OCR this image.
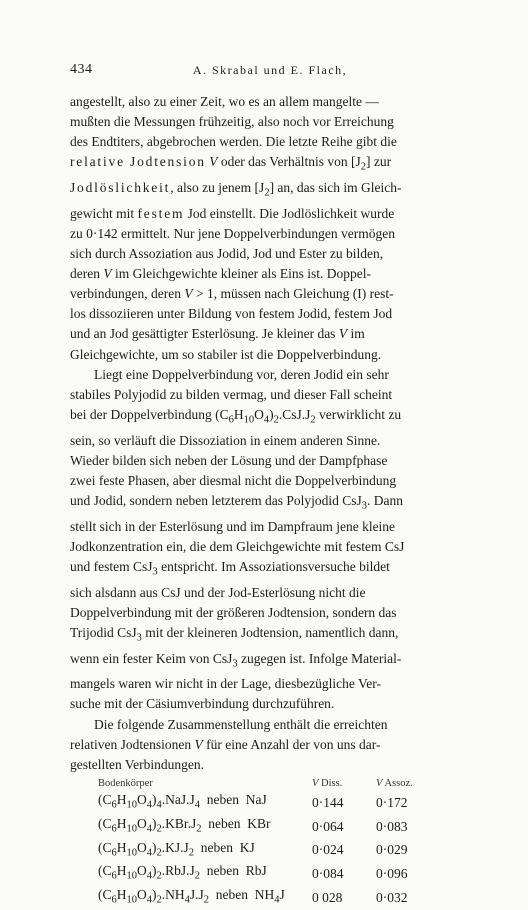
434	A. Skrabal und E. Flach,

angestellt, also zu einer Zeit, wo es an allem mangelte —
mußten die Messungen frühzeitig, also noch vor Erreichung
des Endtiters, abgebrochen werden. Die letzte Reihe gibt die
relative Jodtension V oder das Verhältnis von $[J_2]$ zur
Jodlöslichkeit, also zu jenem $[J_2]$ an, das sich im Gleich-
gewicht mit festem Jod einstellt. Die Jodlöslichkeit wurde
zu 0·142 ermittelt. Nur jene Doppelverbindungen vermögen
sich durch Assoziation aus Jodid, Jod und Ester zu bilden,
deren V im Gleichgewichte kleiner als Eins ist. Doppel-
verbindungen, deren V > 1, müssen nach Gleichung (I) rest-
los dissoziieren unter Bildung von festem Jodid, festem Jod
und an Jod gesättigter Esterlösung. Je kleiner das V im
Gleichgewichte, um so stabiler ist die Doppelverbindung.

Liegt eine Doppelverbindung vor, deren Jodid ein sehr
stabiles Polyjodid zu bilden vermag, und dieser Fall scheint
bei der Doppelverbindung $(C_6H_{10}O_4)_2.CsJ.J_2$ verwirklicht zu
sein, so verläuft die Dissoziation in einem anderen Sinne.
Wieder bilden sich neben der Lösung und der Dampfphase
zwei feste Phasen, aber diesmal nicht die Doppelverbindung
und Jodid, sondern neben letzterem das Polyjodid CsJ$_3$. Dann
stellt sich in der Esterlösung und im Dampfraum jene kleine
Jodkonzentration ein, die dem Gleichgewichte mit festem CsJ
und festem CsJ$_3$ entspricht. Im Assoziationsversuche bildet
sich alsdann aus CsJ und der Jod-Esterlösung nicht die
Doppelverbindung mit der größeren Jodtension, sondern das
Trijodid CsJ$_3$ mit der kleineren Jodtension, namentlich dann,
wenn ein fester Keim von CsJ$_3$ zugegen ist. Infolge Material-
mangels waren wir nicht in der Lage, diesbezügliche Ver-
suche mit der Cäsiumverbindung durchzuführen.

Die folgende Zusammenstellung enthält die erreichten
relativen Jodtensionen V für eine Anzahl der von uns dar-
gestellten Verbindungen.

Bodenkörper	V Diss.	V Assoz.
$(C_6H_{10}O_4)_4.NaJ.J_4$ neben NaJ	0·144	0·172
$(C_6H_{10}O_4)_2.KBr.J_2$ neben KBr	0·064	0·083
$(C_6H_{10}O_4)_2.KJ.J_2$ neben KJ	0·024	0·029
$(C_6H_{10}O_4)_2.RbJ.J_2$ neben RbJ	0·084	0·096
$(C_6H_{10}O_4)_2.NH_4J.J_2$ neben $NH_4J$	0 028	0·032
